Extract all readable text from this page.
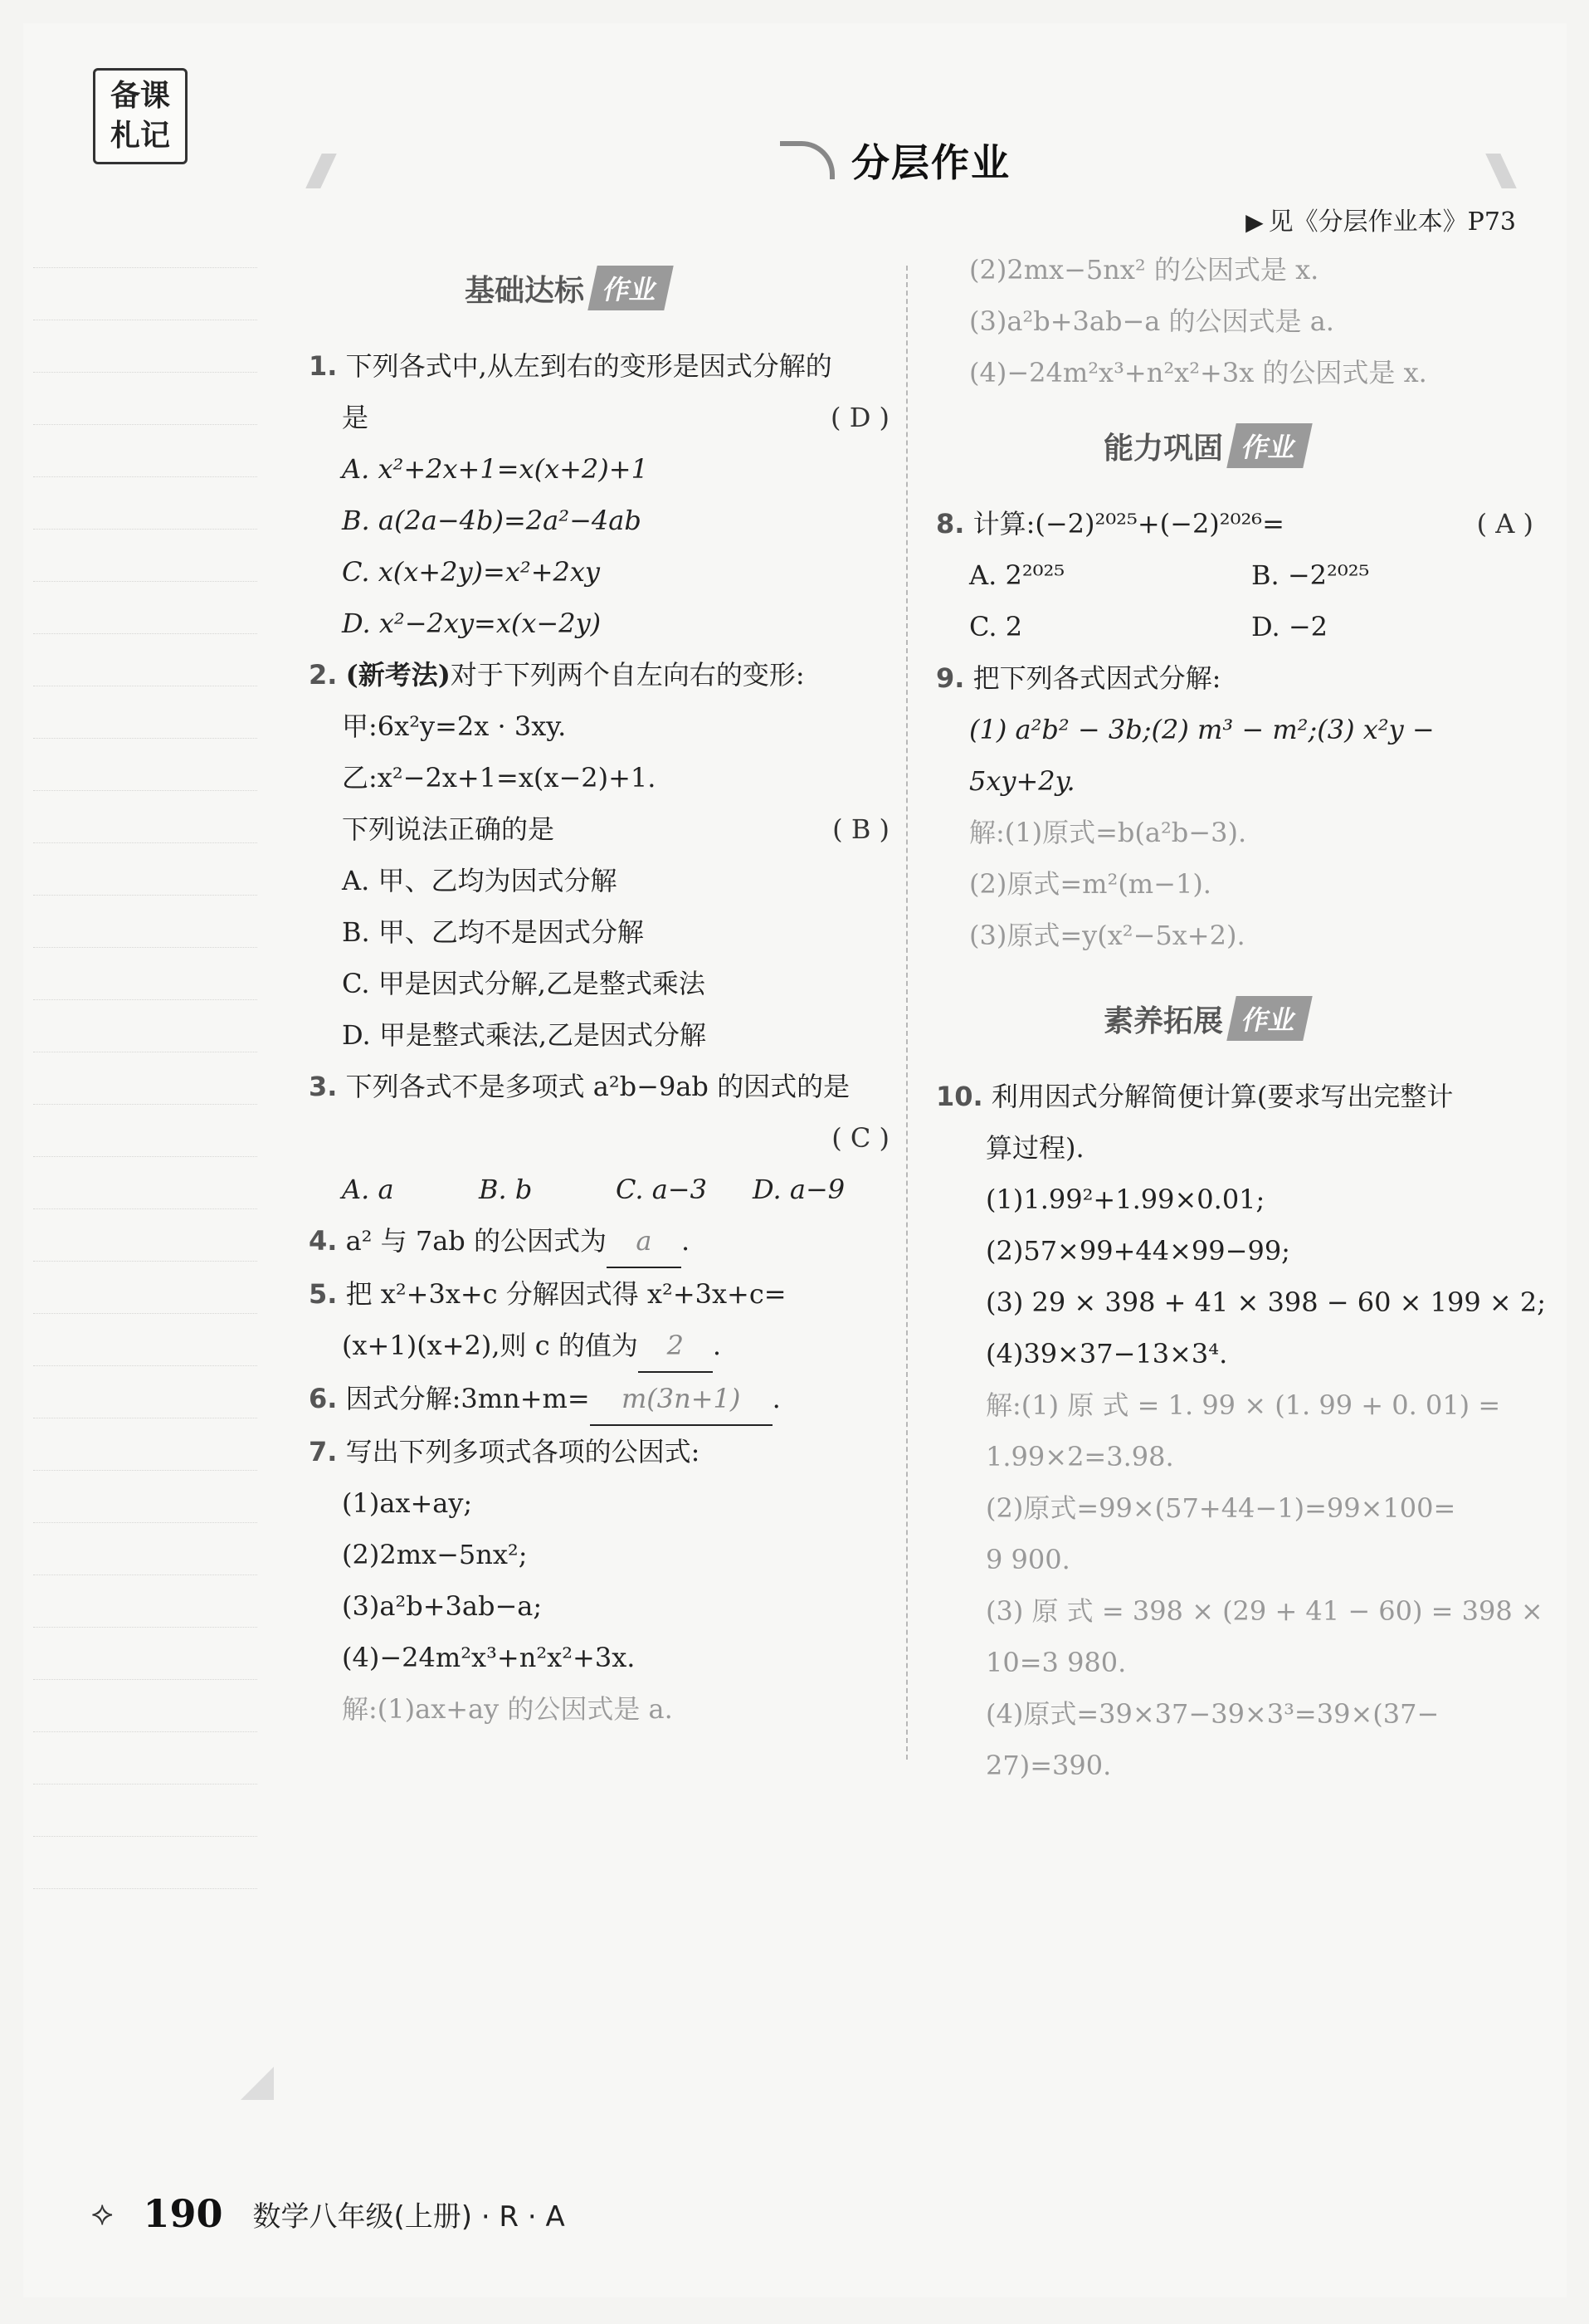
备课
札记
分层作业
▶ 见《分层作业本》P73
基础达标 作业

1. 下列各式中,从左到右的变形是因式分解的

是	( D )

A. x²+2x+1=x(x+2)+1

B. a(2a−4b)=2a²−4ab

C. x(x+2y)=x²+2xy

D. x²−2xy=x(x−2y)

2. (新考法)对于下列两个自左向右的变形:

甲:6x²y=2x · 3xy.

乙:x²−2x+1=x(x−2)+1.

下列说法正确的是	( B )

A. 甲、乙均为因式分解

B. 甲、乙均不是因式分解

C. 甲是因式分解,乙是整式乘法

D. 甲是整式乘法,乙是因式分解

3. 下列各式不是多项式 a²b−9ab 的因式的是

( C )

A. a	B. b	C. a−3	D. a−9

4. a² 与 7ab 的公因式为 a .

5. 把 x²+3x+c 分解因式得 x²+3x+c=

(x+1)(x+2),则 c 的值为 2 .

6. 因式分解:3mn+m= m(3n+1) .

7. 写出下列多项式各项的公因式:

(1)ax+ay;

(2)2mx−5nx²;

(3)a²b+3ab−a;

(4)−24m²x³+n²x²+3x.

解:(1)ax+ay 的公因式是 a.

(2)2mx−5nx² 的公因式是 x.

(3)a²b+3ab−a 的公因式是 a.

(4)−24m²x³+n²x²+3x 的公因式是 x.

能力巩固 作业

8. 计算:(−2)²⁰²⁵+(−2)²⁰²⁶=	( A )

A. 2²⁰²⁵	B. −2²⁰²⁵

C. 2	D. −2

9. 把下列各式因式分解:

(1) a²b² − 3b;(2) m³ − m²;(3) x²y −

5xy+2y.

解:(1)原式=b(a²b−3).

(2)原式=m²(m−1).

(3)原式=y(x²−5x+2).

素养拓展 作业

10. 利用因式分解简便计算(要求写出完整计

算过程).

(1)1.99²+1.99×0.01;

(2)57×99+44×99−99;

(3) 29 × 398 + 41 × 398 − 60 × 199 × 2;

(4)39×37−13×3⁴.

解:(1) 原 式 = 1. 99 × (1. 99 + 0. 01) =

1.99×2=3.98.

(2)原式=99×(57+44−1)=99×100=

9 900.

(3) 原 式 = 398 × (29 + 41 − 60) = 398 ×

10=3 980.

(4)原式=39×37−39×3³=39×(37−

27)=390.

⟡ 190 数学八年级(上册) · R · A
